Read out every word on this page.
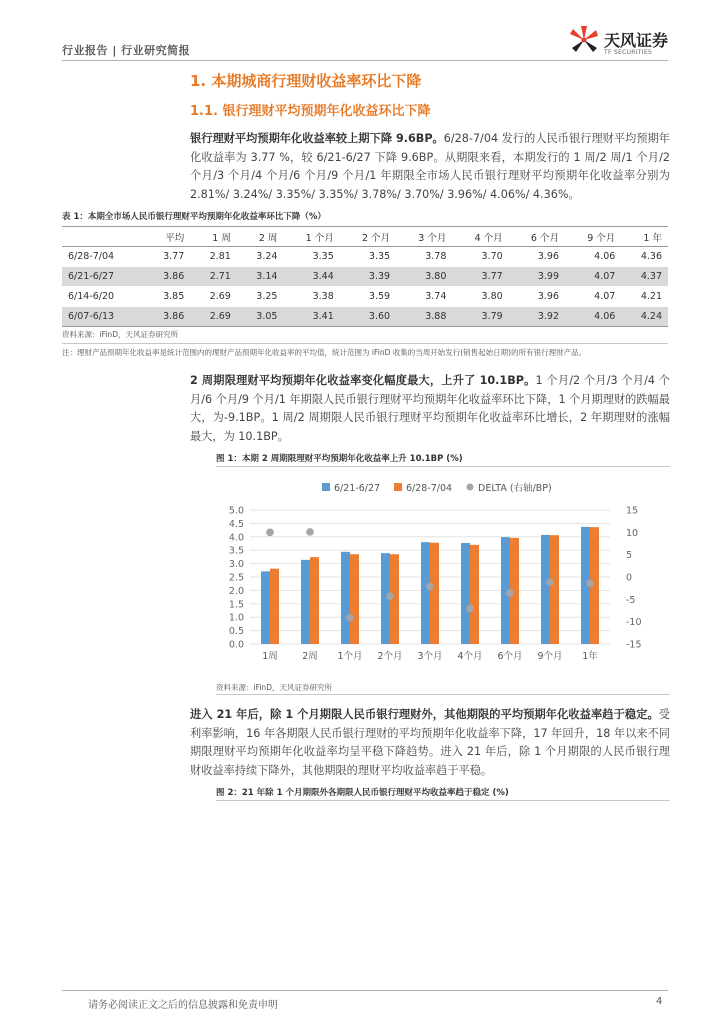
行业报告 | 行业研究简报
天风证券
TF SECURITIES
1. 本期城商行理财收益率环比下降
1.1. 银行理财平均预期年化收益环比下降
银行理财平均预期年化收益率较上期下降 9.6BP。6/28-7/04 发行的人民币银行理财平均预期年化收益率为 3.77 %，较 6/21-6/27 下降 9.6BP。从期限来看，本期发行的 1 周/2 周/1 个月/2 个月/3 个月/4 个月/6 个月/9 个月/1 年期限全市场人民币银行理财平均预期年化收益率分别为 2.81%/ 3.24%/ 3.35%/ 3.35%/ 3.78%/ 3.70%/ 3.96%/ 4.06%/ 4.36%。
表 1：本期全市场人民币银行理财平均预期年化收益率环比下降（%）
	平均	1 周	2 周	1 个月	2 个月	3 个月	4 个月	6 个月	9 个月	1 年
6/28-7/04	3.77	2.81	3.24	3.35	3.35	3.78	3.70	3.96	4.06	4.36
6/21-6/27	3.86	2.71	3.14	3.44	3.39	3.80	3.77	3.99	4.07	4.37
6/14-6/20	3.85	2.69	3.25	3.38	3.59	3.74	3.80	3.96	4.07	4.21
6/07-6/13	3.86	2.69	3.05	3.41	3.60	3.88	3.79	3.92	4.06	4.24
资料来源：iFinD，天风证券研究所
注：理财产品预期年化收益率是统计范围内的理财产品预期年化收益率的平均值，统计范围为 iFinD 收集的当周开始发行(销售起始日期)的所有银行理财产品。
2 周期限理财平均预期年化收益率变化幅度最大，上升了 10.1BP。1 个月/2 个月/3 个月/4 个月/6 个月/9 个月/1 年期限人民币银行理财平均预期年化收益率环比下降，1 个月期理财的跌幅最大，为-9.1BP。1 周/2 周期限人民币银行理财平均预期年化收益率环比增长，2 年期理财的涨幅最大，为 10.1BP。
图 1：本期 2 周期限理财平均预期年化收益率上升 10.1BP (%)
6/21-6/27	6/28-7/04	DELTA (右轴/BP)
0.0
0.5
1.0
1.5
2.0
2.5
3.0
3.5
4.0
4.5
5.0
-15
-10
-5
0
5
10
15
1周	2周 1个月 2个月 3个月 4个月 6个月 9个月 1年
资料来源：iFinD，天风证券研究所
进入 21 年后，除 1 个月期限人民币银行理财外，其他期限的平均预期年化收益率趋于稳定。受利率影响，16 年各期限人民币银行理财的平均预期年化收益率下降，17 年回升，18 年以来不同期限理财平均预期年化收益率均呈平稳下降趋势。进入 21 年后，除 1 个月期限的人民币银行理财收益率持续下降外，其他期限的理财平均收益率趋于平稳。
图 2：21 年除 1 个月期限外各期限人民币银行理财平均收益率趋于稳定 (%)
请务必阅读正文之后的信息披露和免责申明	4
